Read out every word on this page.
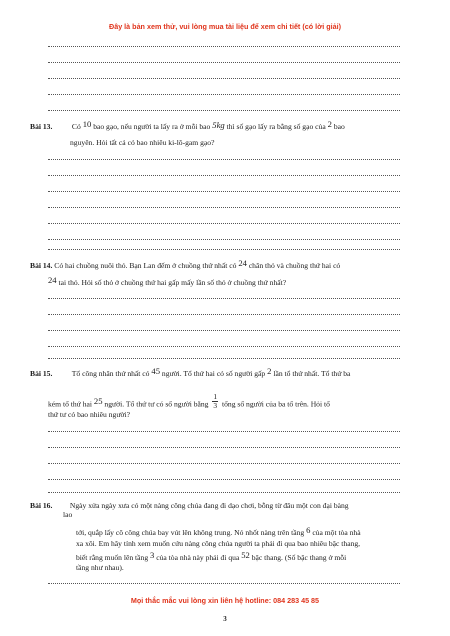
Đây là bản xem thử, vui lòng mua tài liệu để xem chi tiết (có lời giải)
Bài 13.	Có 10 bao gạo, nếu người ta lấy ra ở mỗi bao 5kg thì số gạo lấy ra bằng số gạo của 2 bao
nguyên. Hỏi tất cả có bao nhiêu ki-lô-gam gạo?
Bài 14. Có hai chuồng nuôi thỏ. Bạn Lan đếm ở chuồng thứ nhất có 24 chân thỏ và chuồng thứ hai có
24 tai thỏ. Hỏi số thỏ ở chuồng thứ hai gấp mấy lần số thỏ ở chuồng thứ nhất?
Bài 15.	Tổ công nhân thứ nhất có 45 người. Tổ thứ hai có số người gấp 2 lần tổ thứ nhất. Tổ thứ ba
kém tổ thứ hai 25 người. Tổ thứ tư có số người bằng $\frac{1}{3}$ tổng số người của ba tổ trên. Hỏi tổ
thứ tư có bao nhiêu người?
Bài 16. Ngày xửa ngày xưa có một nàng công chúa đang đi dạo chơi, bỗng từ đâu một con đại bàng
lao
tới, quắp lấy cô công chúa bay vút lên không trung. Nó nhốt nàng trên tầng 6 của một tòa nhà
xa xôi. Em hãy tính xem muốn cứu nàng công chúa người ta phải đi qua bao nhiêu bậc thang,
biết rằng muốn lên tầng 3 của tòa nhà này phải đi qua 52 bậc thang. (Số bậc thang ở mỗi
tầng như nhau).
Mọi thắc mắc vui lòng xin liên hệ hotline: 084 283 45 85
3
